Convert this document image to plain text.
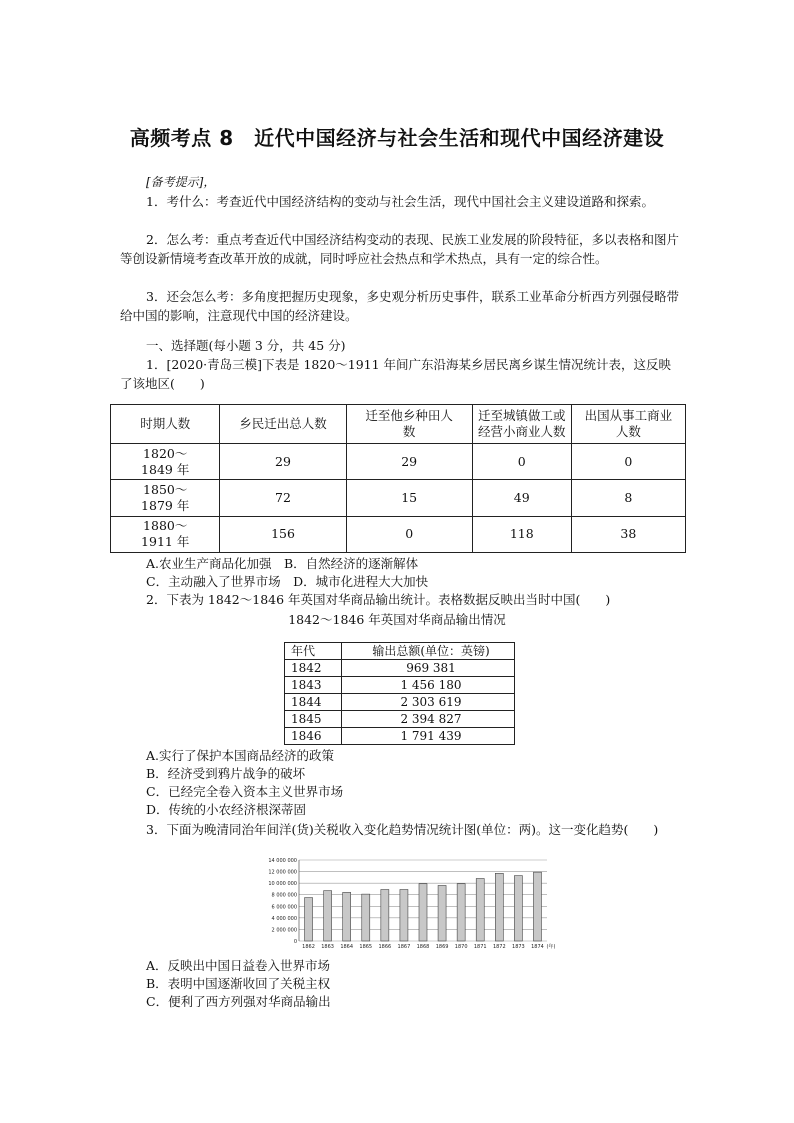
高频考点 8　近代中国经济与社会生活和现代中国经济建设
[备考提示]，
1．考什么：考查近代中国经济结构的变动与社会生活，现代中国社会主义建设道路和探索。
2．怎么考：重点考查近代中国经济结构变动的表现、民族工业发展的阶段特征，多以表格和图片等创设新情境考查改革开放的成就，同时呼应社会热点和学术热点，具有一定的综合性。
3．还会怎么考：多角度把握历史现象，多史观分析历史事件，联系工业革命分析西方列强侵略带给中国的影响，注意现代中国的经济建设。
一、选择题(每小题 3 分，共 45 分)
1．[2020·青岛三模]下表是 1820～1911 年间广东沿海某乡居民离乡谋生情况统计表，这反映了该地区(　　)
时期人数	乡民迁出总人数	迁至他乡种田人数	迁至城镇做工或经营小商业人数	出国从事工商业人数
1820～1849 年	29	29	0	0
1850～1879 年	72	15	49	8
1880～1911 年	156	0	118	38
A.农业生产商品化加强　B．自然经济的逐渐解体
C．主动融入了世界市场　D．城市化进程大大加快
2．下表为 1842～1846 年英国对华商品输出统计。表格数据反映出当时中国(　　)
1842～1846 年英国对华商品输出情况
年代	输出总额(单位：英镑)
1842	969 381
1843	1 456 180
1844	2 303 619
1845	2 394 827
1846	1 791 439
A.实行了保护本国商品经济的政策
B．经济受到鸦片战争的破坏
C．已经完全卷入资本主义世界市场
D．传统的小农经济根深蒂固
3．下面为晚清同治年间洋(货)关税收入变化趋势情况统计图(单位：两)。这一变化趋势(　　)
0
2 000 000
4 000 000
6 000 000
8 000 000
10 000 000
12 000 000
14 000 000
1862 1863 1864 1865 1866 1867 1868 1869 1870 1871 1872 1873 1874 (年)
A．反映出中国日益卷入世界市场
B．表明中国逐渐收回了关税主权
C．便利了西方列强对华商品输出
